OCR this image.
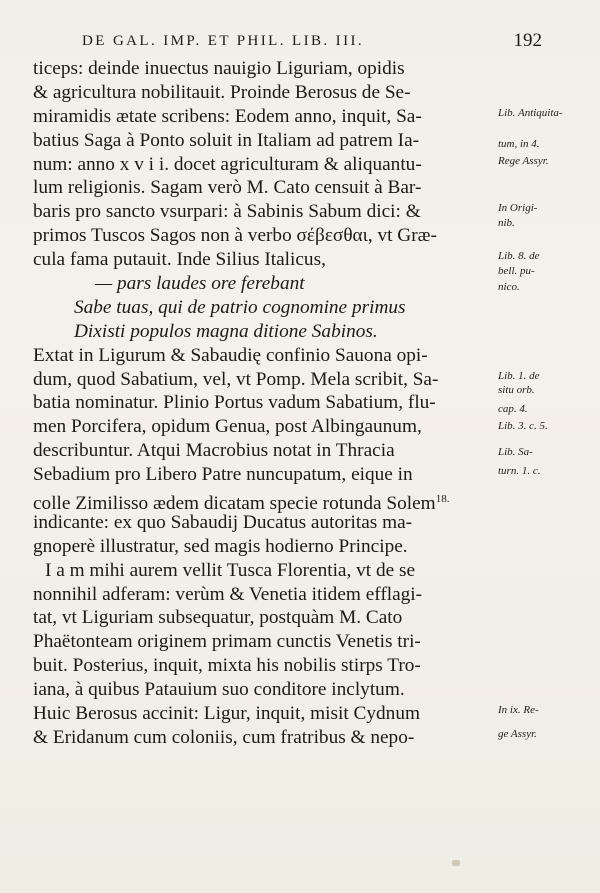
DE GAL. IMP. ET PHIL. LIB. III.	192
ticeps: deinde inuectus nauigio Liguriam, opidis
& agricultura nobilitauit. Proinde Berosus de Se-
miramidis ætate scribens: Eodem anno, inquit, Sa-
batius Saga à Ponto soluit in Italiam ad patrem Ia-
num: anno x v i i. docet agriculturam & aliquantu-
lum religionis. Sagam verò M. Cato censuit à Bar-
baris pro sancto vsurpari: à Sabinis Sabum dici: &
primos Tuscos Sagos non à verbo σέβεσθαι, vt Græ-
cula fama putauit. Inde Silius Italicus,
— pars laudes ore ferebant
Sabe tuas, qui de patrio cognomine primus
Dixisti populos magna ditione Sabinos.
Extat in Ligurum & Sabaudię confinio Sauona opi-
dum, quod Sabatium, vel, vt Pomp. Mela scribit, Sa-
batia nominatur. Plinio Portus vadum Sabatium, flu-
men Porcifera, opidum Genua, post Albingaunum,
describuntur. Atqui Macrobius notat in Thracia
Sebadium pro Libero Patre nuncupatum, eique in
colle Zimilisso ædem dicatam specie rotunda Solem$^{18.}$
indicante: ex quo Sabaudij Ducatus autoritas ma-
gnoperè illustratur, sed magis hodierno Principe.
I a m mihi aurem vellit Tusca Florentia, vt de se
nonnihil adferam: verùm & Venetia itidem efflagi-
tat, vt Liguriam subsequatur, postquàm M. Cato
Phaëtonteam originem primam cunctis Venetis tri-
buit. Posterius, inquit, mixta his nobilis stirps Tro-
iana, à quibus Patauium suo conditore inclytum.
Huic Berosus accinit: Ligur, inquit, misit Cydnum
& Eridanum cum coloniis, cum fratribus & nepo-
Lib. Antiquita-
tum, in 4.
Rege Assyr.
In Origi-
nib.
Lib. 8. de
bell. pu-
nico.
Lib. 1. de
situ orb.
cap. 4.
Lib. 3. c. 5.
Lib. Sa-
turn. 1. c.
In ix. Re-
ge Assyr.
